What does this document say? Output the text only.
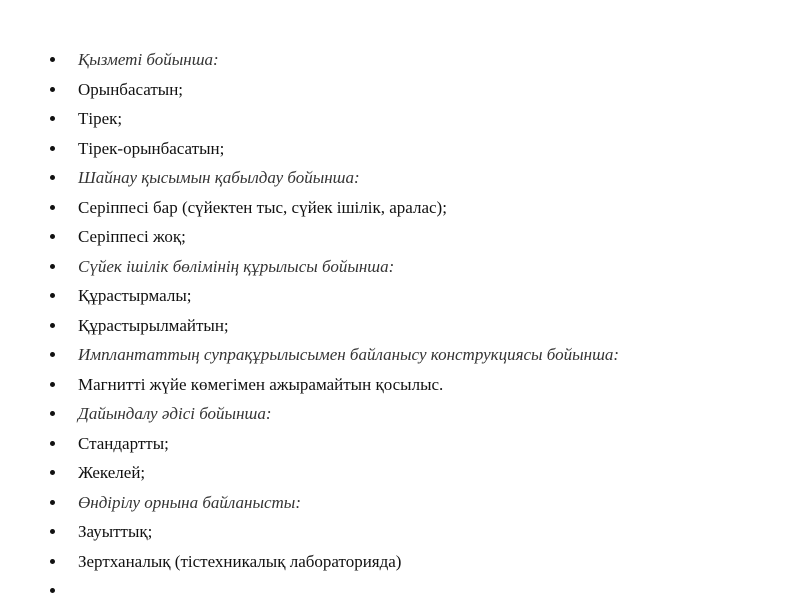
Қызметі бойынша:
Орынбасатын;
Тірек;
Тірек-орынбасатын;
Шайнау қысымын қабылдау бойынша:
Серіппесі бар (сүйектен тыс, сүйек ішілік, аралас);
Серіппесі жоқ;
Сүйек ішілік бөлімінің құрылысы бойынша:
Құрастырмалы;
Құрастырылмайтын;
Имплантаттың супрақұрылысымен байланысу конструкциясы бойынша:
Магнитті жүйе көмегімен ажырамайтын қосылыс.
Дайындалу әдісі бойынша:
Стандартты;
Жекелей;
Өндірілу орнына байланысты:
Зауыттық;
Зертханалық (тістехникалық лабораторияда)
